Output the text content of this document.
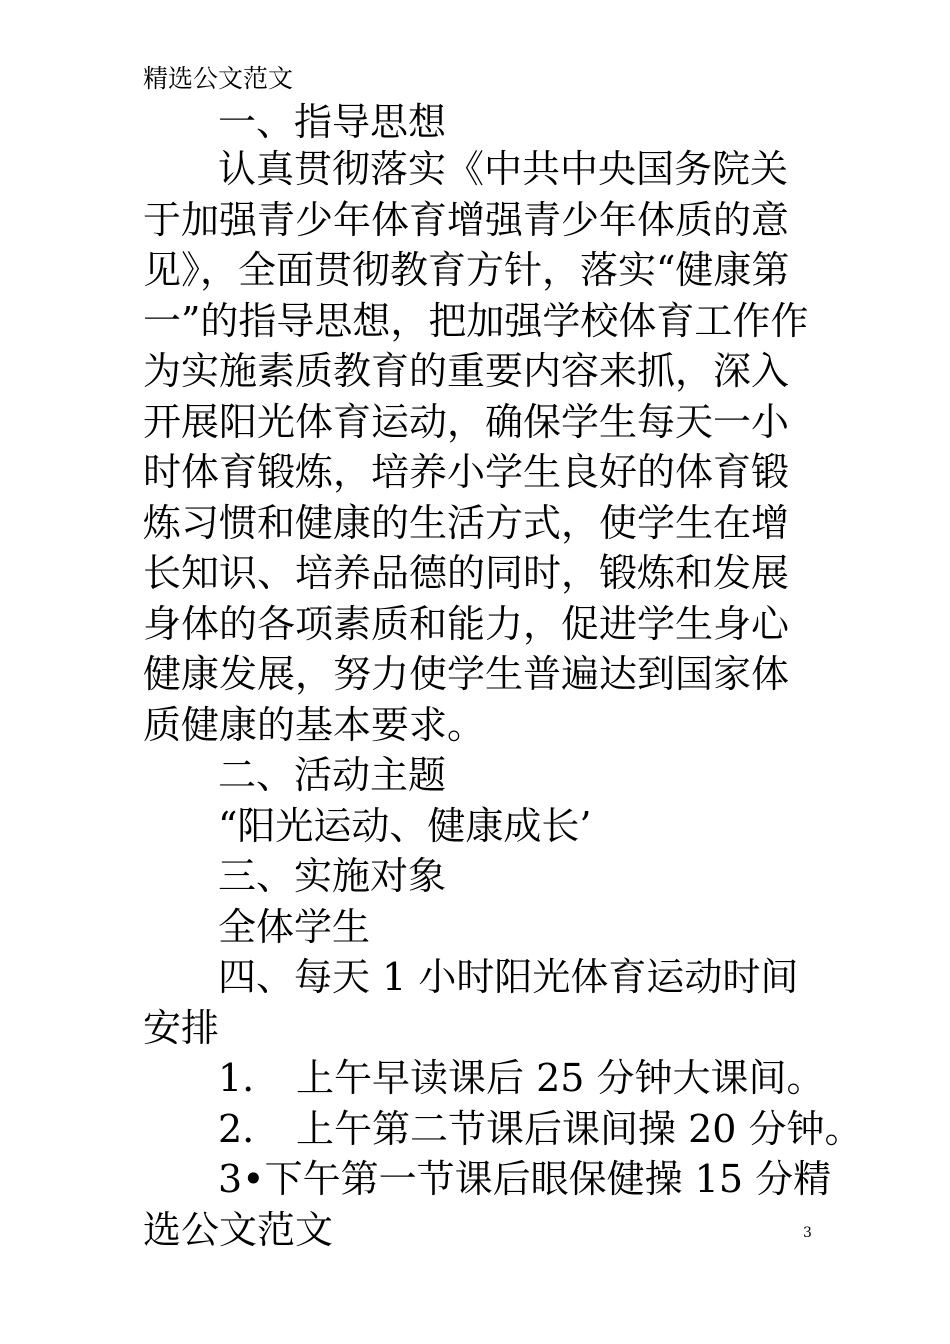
精选公文范文
一、指导思想
认真贯彻落实《中共中央国务院关
于加强青少年体育增强青少年体质的意
见》，全面贯彻教育方针，落实“健康第
一”的指导思想，把加强学校体育工作作
为实施素质教育的重要内容来抓，深入
开展阳光体育运动，确保学生每天一小
时体育锻炼，培养小学生良好的体育锻
炼习惯和健康的生活方式，使学生在增
长知识、培养品德的同时，锻炼和发展
身体的各项素质和能力，促进学生身心
健康发展，努力使学生普遍达到国家体
质健康的基本要求。
二、活动主题
“阳光运动、健康成长’
三、实施对象
全体学生
四、每天 1 小时阳光体育运动时间
安排
1. 上午早读课后 25 分钟大课间。
2. 上午第二节课后课间操 20 分钟。
3•下午第一节课后眼保健操 15 分精
选公文范文	3
